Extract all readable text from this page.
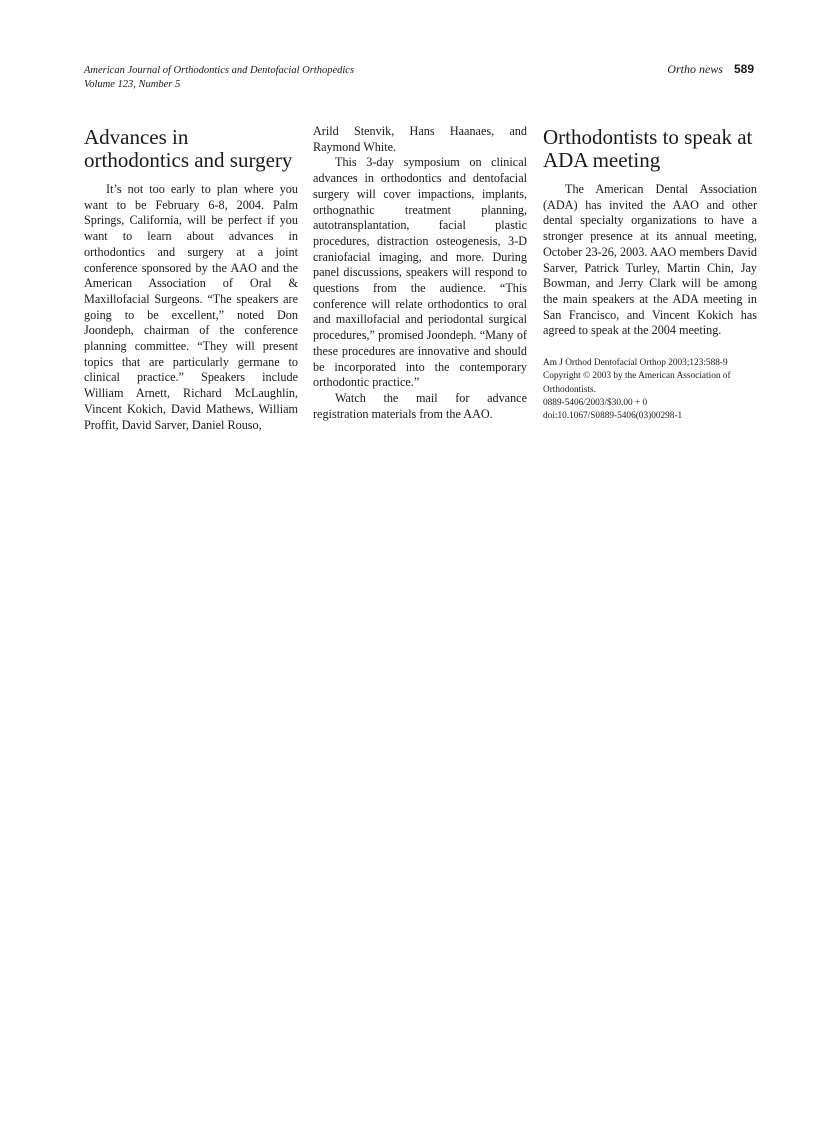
American Journal of Orthodontics and Dentofacial Orthopedics
Volume 123, Number 5
Ortho news 589
Advances in orthodontics and surgery

It’s not too early to plan where you want to be February 6-8, 2004. Palm Springs, California, will be perfect if you want to learn about advances in orthodontics and surgery at a joint conference sponsored by the AAO and the American Association of Oral & Maxillofacial Surgeons. “The speakers are going to be excellent,” noted Don Joondeph, chairman of the conference planning committee. “They will present topics that are particularly germane to clinical practice.” Speakers include William Arnett, Richard McLaughlin, Vincent Kokich, David Mathews, William Proffit, David Sarver, Daniel Rouso,

Arild Stenvik, Hans Haanaes, and Raymond White.

This 3-day symposium on clinical advances in orthodontics and dentofacial surgery will cover impactions, implants, orthognathic treatment planning, autotransplantation, facial plastic procedures, distraction osteogenesis, 3-D craniofacial imaging, and more. During panel discussions, speakers will respond to questions from the audience. “This conference will relate orthodontics to oral and maxillofacial and periodontal surgical procedures,” promised Joondeph. “Many of these procedures are innovative and should be incorporated into the contemporary orthodontic practice.”

Watch the mail for advance registration materials from the AAO.

Orthodontists to speak at ADA meeting

The American Dental Association (ADA) has invited the AAO and other dental specialty organizations to have a stronger presence at its annual meeting, October 23-26, 2003. AAO members David Sarver, Patrick Turley, Martin Chin, Jay Bowman, and Jerry Clark will be among the main speakers at the ADA meeting in San Francisco, and Vincent Kokich has agreed to speak at the 2004 meeting.

Am J Orthod Dentofacial Orthop 2003;123:588-9
Copyright © 2003 by the American Association of Orthodontists.
0889-5406/2003/$30.00 + 0
doi:10.1067/S0889-5406(03)00298-1
